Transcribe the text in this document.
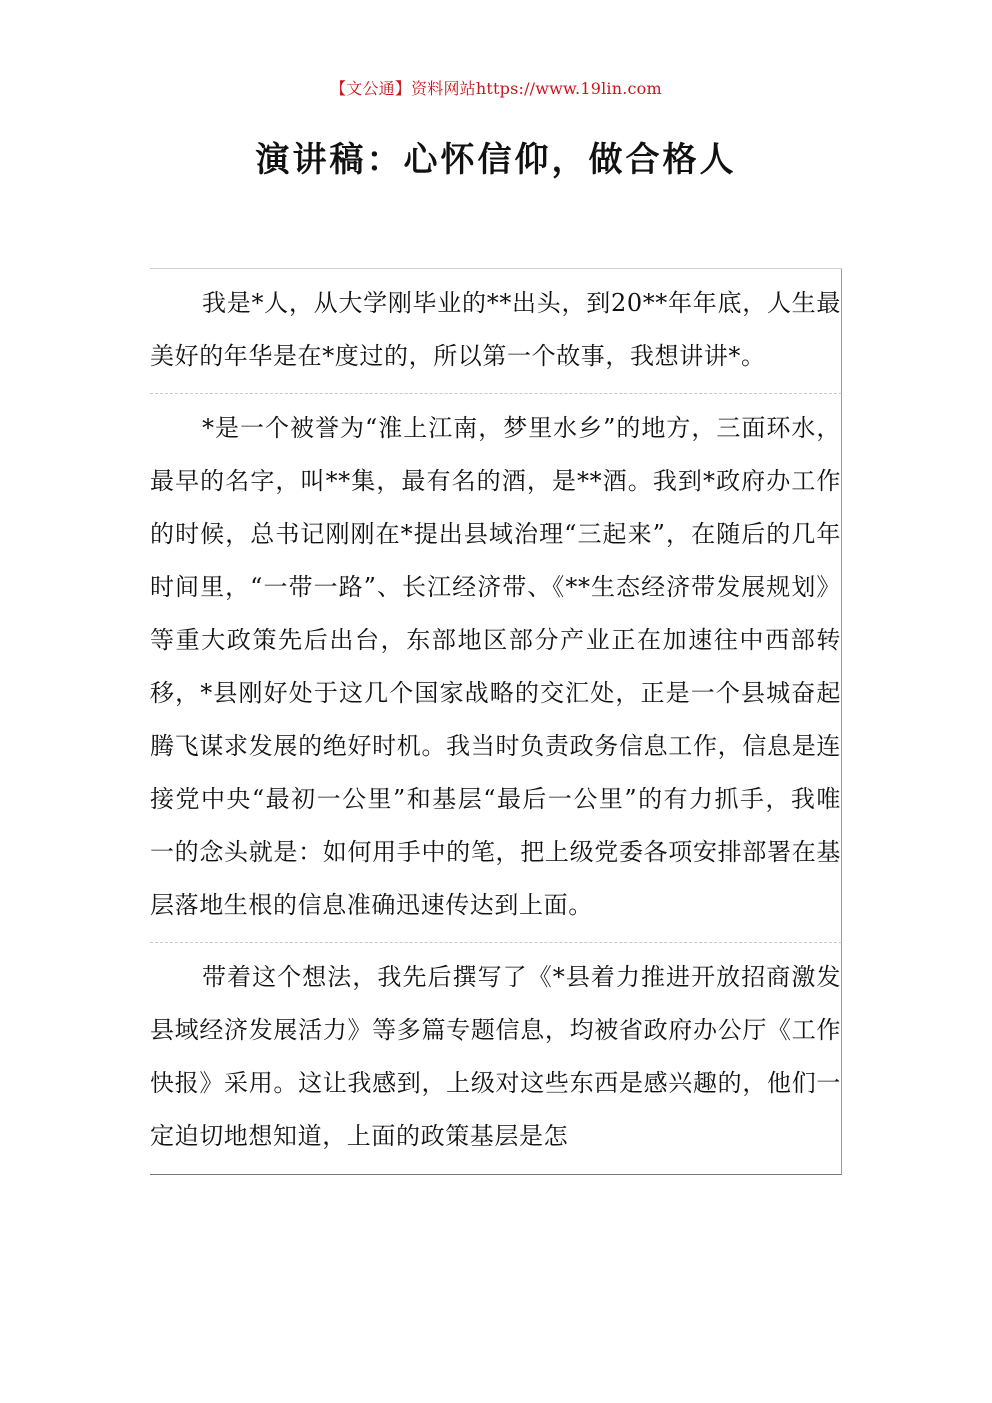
【文公通】资料网站https://www.19lin.com
演讲稿：心怀信仰，做合格人

我是*人，从大学刚毕业的**出头，到20**年年底，人生最美好的年华是在*度过的，所以第一个故事，我想讲讲*。

*是一个被誉为“淮上江南，梦里水乡”的地方，三面环水，最早的名字，叫**集，最有名的酒，是**酒。我到*政府办工作的时候，总书记刚刚在*提出县域治理“三起来”，在随后的几年时间里，“一带一路”、长江经济带、《**生态经济带发展规划》等重大政策先后出台，东部地区部分产业正在加速往中西部转移，*县刚好处于这几个国家战略的交汇处，正是一个县城奋起腾飞谋求发展的绝好时机。我当时负责政务信息工作，信息是连接党中央“最初一公里”和基层“最后一公里”的有力抓手，我唯一的念头就是：如何用手中的笔，把上级党委各项安排部署在基层落地生根的信息准确迅速传达到上面。

带着这个想法，我先后撰写了《*县着力推进开放招商激发县域经济发展活力》等多篇专题信息，均被省政府办公厅《工作快报》采用。这让我感到，上级对这些东西是感兴趣的，他们一定迫切地想知道，上面的政策基层是怎
